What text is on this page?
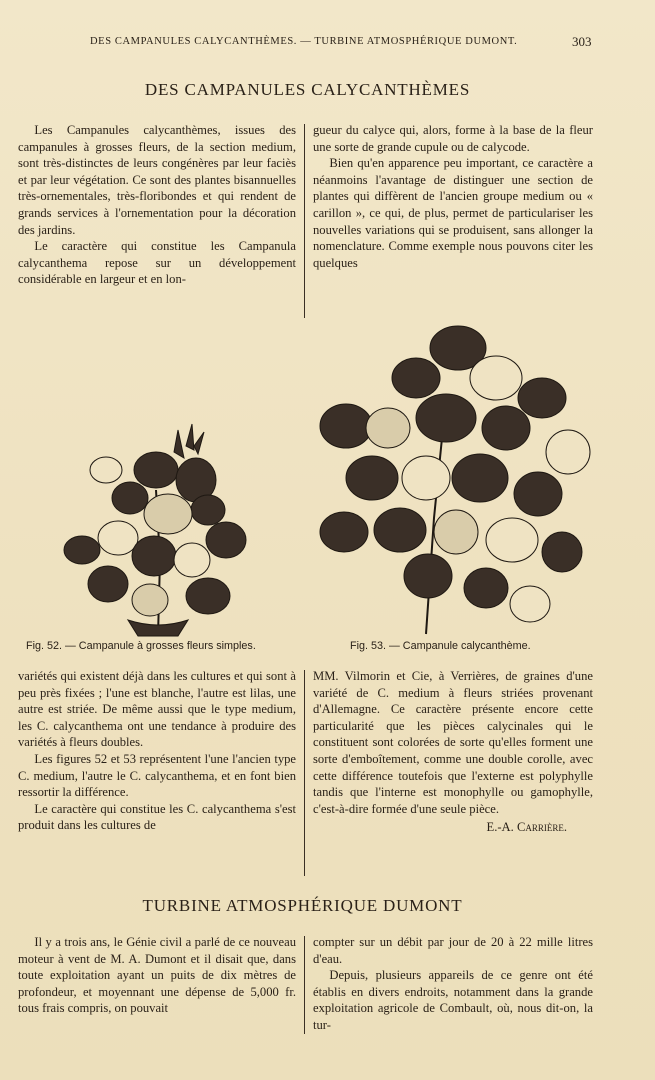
DES CAMPANULES CALYCANTHÈMES. — TURBINE ATMOSPHÉRIQUE DUMONT.	303
DES CAMPANULES CALYCANTHÈMES

Les Campanules calycanthèmes, issues des campanules à grosses fleurs, de la section medium, sont très-distinctes de leurs congénères par leur faciès et par leur végétation. Ce sont des plantes bisannuelles très-ornementales, très-floribondes et qui rendent de grands services à l'ornementation pour la décoration des jardins.

Le caractère qui constitue les Campanula calycanthema repose sur un développement considérable en largeur et en lon-

gueur du calyce qui, alors, forme à la base de la fleur une sorte de grande cupule ou de calycode.

Bien qu'en apparence peu important, ce caractère a néanmoins l'avantage de distinguer une section de plantes qui diffèrent de l'ancien groupe medium ou « carillon », ce qui, de plus, permet de particulariser les nouvelles variations qui se produisent, sans allonger la nomenclature. Comme exemple nous pouvons citer les quelques

Fig. 52. — Campanule à grosses fleurs simples.	Fig. 53. — Campanule calycanthème.

variétés qui existent déjà dans les cultures et qui sont à peu près fixées ; l'une est blanche, l'autre est lilas, une autre est striée. De même aussi que le type medium, les C. calycanthema ont une tendance à produire des variétés à fleurs doubles.

Les figures 52 et 53 représentent l'une l'ancien type C. medium, l'autre le C. calycanthema, et en font bien ressortir la différence.

Le caractère qui constitue les C. calycanthema s'est produit dans les cultures de

MM. Vilmorin et Cie, à Verrières, de graines d'une variété de C. medium à fleurs striées provenant d'Allemagne. Ce caractère présente encore cette particularité que les pièces calycinales qui le constituent sont colorées de sorte qu'elles forment une sorte d'emboîtement, comme une double corolle, avec cette différence toutefois que l'externe est polyphylle tandis que l'interne est monophylle ou gamophylle, c'est-à-dire formée d'une seule pièce.

E.-A. Carrière.

TURBINE ATMOSPHÉRIQUE DUMONT

Il y a trois ans, le Génie civil a parlé de ce nouveau moteur à vent de M. A. Dumont et il disait que, dans toute exploitation ayant un puits de dix mètres de profondeur, et moyennant une dépense de 5,000 fr. tous frais compris, on pouvait

compter sur un débit par jour de 20 à 22 mille litres d'eau.

Depuis, plusieurs appareils de ce genre ont été établis en divers endroits, notamment dans la grande exploitation agricole de Combault, où, nous dit-on, la tur-
